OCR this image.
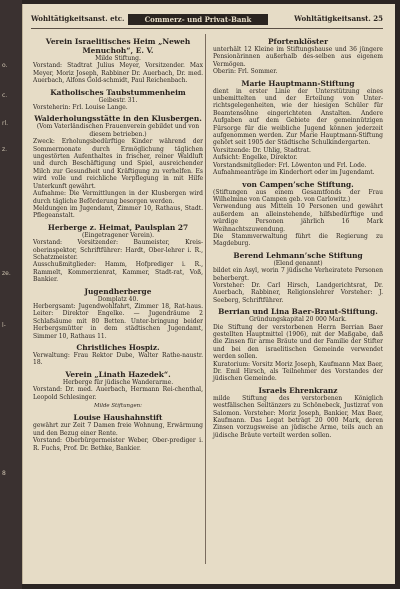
o.
c.
rl.
z.
ze.
l-
8
Wohltätigkeitsanst. etc.	Commerz- und Privat-Bank	Wohltätigkeitsanst. 25
Verein Israelitisches Heim „Neweh Menuchoh“, E. V.
Milde Stiftung.
Vorstand: Stadtrat Julius Meyer, Vorsitzender. Max Meyer, Moriz Joseph, Rabbiner Dr. Auerbach, Dr. med. Auerbach, Alfons Gold-schmidt, Paul Reichenbach.
Katholisches Taubstummenheim
Geibestr. 31.
Vorsteherin: Frl. Louise Lange.
Walderholungsstätte in den Klusbergen.
(Vom Vaterländischen Frauenverein gebildet und von diesem betrieben.)
Zweck: Erholungsbedürftige Kinder während der Sommermonate durch Ermöglichung täglichen ungestörten Aufenthaltes in frischer, reiner Waldluft und durch Beschäftigung und Spiel, ausreichender Milch zur Gesundheit und Kräftigung zu verhelfen. Es wird volle und reichliche Verpflegung in mit Hilfe Unterkunft gewährt.
Aufnahme: Die Vermittlungen in der Klusbergen wird durch tägliche Beförderung besorgen werden.
Meldungen im Jugendamt, Zimmer 10, Rathaus, Stadt. Pflegeanstalt.
Herberge z. Heimat, Paulsplan 27
(Eingetragener Verein).
Vorstand: Vorsitzender: Baumeister, Kreis-oberinspektor, Schriftführer: Hardt, Ober-lehrer i. R., Schatzmeister.
Ausschußmitglieder: Hamm, Hofprediger i. R., Rammelt, Kommerzienrat, Kammer, Stadt-rat, Voß, Bankier.
Jugendherberge
Domplatz 40.
Herbergsamt: Jugendwohlfahrt, Zimmer 18, Rat-haus. Leiter: Direktor Engelke. — Jugendräume 2 Schlafsäume mit 80 Betten. Unter-bringung beider Herbergsmütter in dem städtischen Jugendamt, Simmer 10, Rathaus 11.
Christliches Hospiz.
Verwaltung: Frau Rektor Dube, Walter Rathe-naustr. 18.
Verein „Linath Hazedek“.
Herberge für jüdische Wanderarme.
Vorstand: Dr. med. Auerbach, Hermann Rei-chenthal, Leopold Schlesinger.
Milde Stiftungen:
Louise Haushahnstift
gewährt zur Zeit 7 Damen freie Wohnung, Erwärmung und den Bezug einer Rente.
Vorstand: Oberbürgermeister Weber, Ober-prediger i. R. Fuchs, Prof. Dr. Bethke, Bankier.
Pfortenklöster
unterhält 12 Kleine im Stiftungshause und 36 jüngere Pensionärinnen außerhalb des-selben aus eigenem Vermögen.
Oberin: Frl. Sommer.
Marie Hauptmann-Stiftung
dient in erster Linie der Unterstützung eines unbemittelten und der Erteilung von Unter-richtsgelegenheiten, wie der hiesigen Schüler für Beamtensöhne eingerichteten Anstalten. Andere Aufgaben auf dem Gebiete der gemeinnützigen Fürsorge für die weibliche Jugend können jederzeit aufgenommen werden. Zur Marie Hauptmann-Stiftung gehört seit 1905 der Städtische Schulkindergarten.
Vorsitzende: Dr. Uhlig, Stadtrat.
Aufsicht: Engelke, Direktor.
Vorstandsmitglieder: Frl. Löwenton und Frl. Lode.
Aufnahmeanträge im Kinderhort oder im Jugendamt.
von Campen’sche Stiftung.
(Stiftungen aus einem Gesamtfonds der Frau Wilhelmine von Campen geb. von Carlowitz.)
Verwendung aus Mitteln 10 Personen und gewährt außerdem an alleinstehende, hilfsbedürftige und würdige Personen jährlich 16 Mark Weihnachtszuwendung.
Die Stammverwaltung führt die Regierung zu Magdeburg.
Berend Lehmann’sche Stiftung
(Elend genannt)
bildet ein Asyl, worin 7 jüdische Verheiratete Personen beherbergt.
Vorsteher: Dr. Carl Hirsch, Landgerichtsrat, Dr. Auerbach, Rabbiner, Religionslehrer Vorsteher: J. Seeberg, Schriftführer.
Berrian und Lina Baer-Braut-Stiftung.
Gründungskapital 20 000 Mark.
Die Stiftung der verstorbenen Herrn Berrian Baer gestellten Hauptmittel (1906), mit der Maßgabe, daß die Zinsen für arme Bräute und der Familie der Stifter und bei den israelitischen Gemeinde verwendet werden sollen.
Kuratorium: Vorsitz Moriz Joseph, Kaufmann Max Baer, Dr. Emil Hirsch, als Teilnehmer des Vorstandes der jüdischen Gemeinde.
Israels Ehrenkranz
milde Stiftung des verstorbenen Königlich westfälischen Seiltänzers zu Schönebeck, Justizrat von Salomon. Vorsteher: Moriz Joseph, Bankier, Max Baer, Kaufmann. Das Legat beträgt 20 000 Mark, deren Zinsen vorzugsweise an jüdische Arme, teils auch an jüdische Bräute verteilt werden sollen.
